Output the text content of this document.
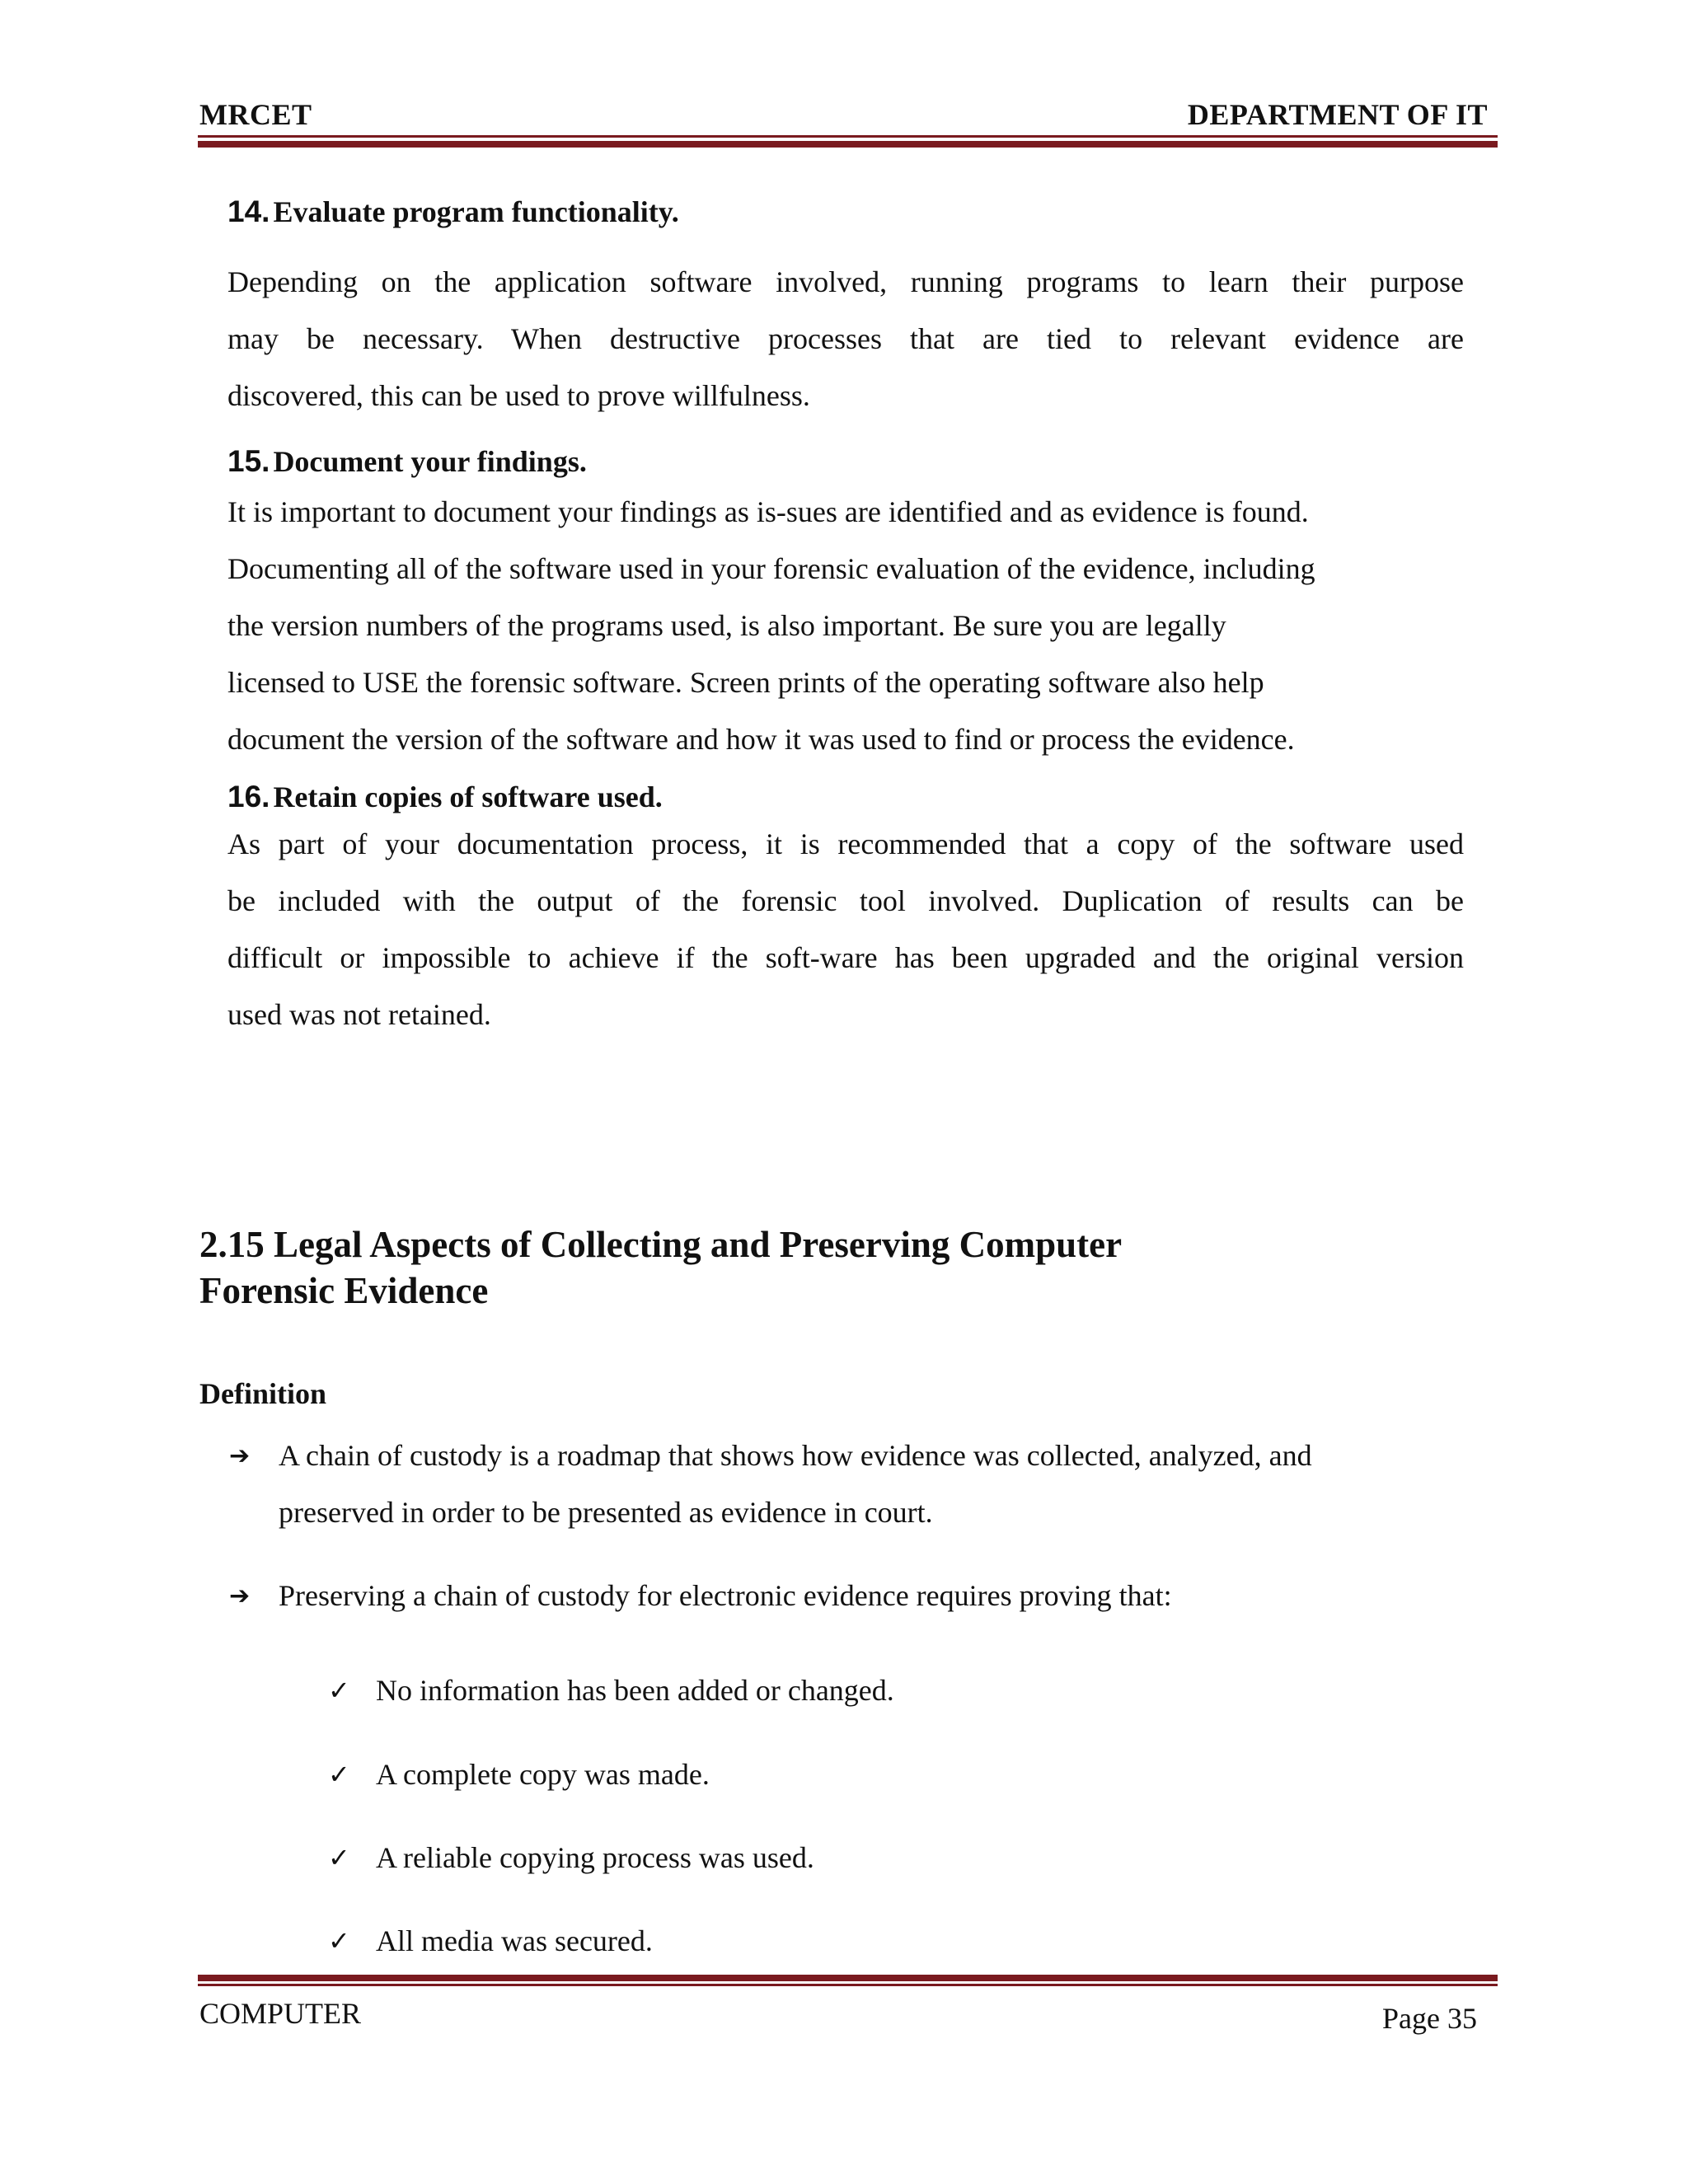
MRCET	DEPARTMENT OF IT

14. Evaluate program functionality.

Depending on the application software involved, running programs to learn their purpose

may be necessary. When destructive processes that are tied to relevant evidence are

discovered, this can be used to prove willfulness.

15. Document your findings.

It is important to document your findings as is-sues are identified and as evidence is found.

Documenting all of the software used in your forensic evaluation of the evidence, including

the version numbers of the programs used, is also important. Be sure you are legally

licensed to USE the forensic software. Screen prints of the operating software also help

document the version of the software and how it was used to find or process the evidence.

16. Retain copies of software used.

As part of your documentation process, it is recommended that a copy of the software used

be included with the output of the forensic tool involved. Duplication of results can be

difficult or impossible to achieve if the soft-ware has been upgraded and the original version

used was not retained.

2.15 Legal Aspects of Collecting and Preserving Computer
Forensic Evidence

Definition

➔ A chain of custody is a roadmap that shows how evidence was collected, analyzed, and
preserved in order to be presented as evidence in court.
➔ Preserving a chain of custody for electronic evidence requires proving that:
✓ No information has been added or changed.
✓ A complete copy was made.
✓ A reliable copying process was used.
✓ All media was secured.
COMPUTER	Page 35
